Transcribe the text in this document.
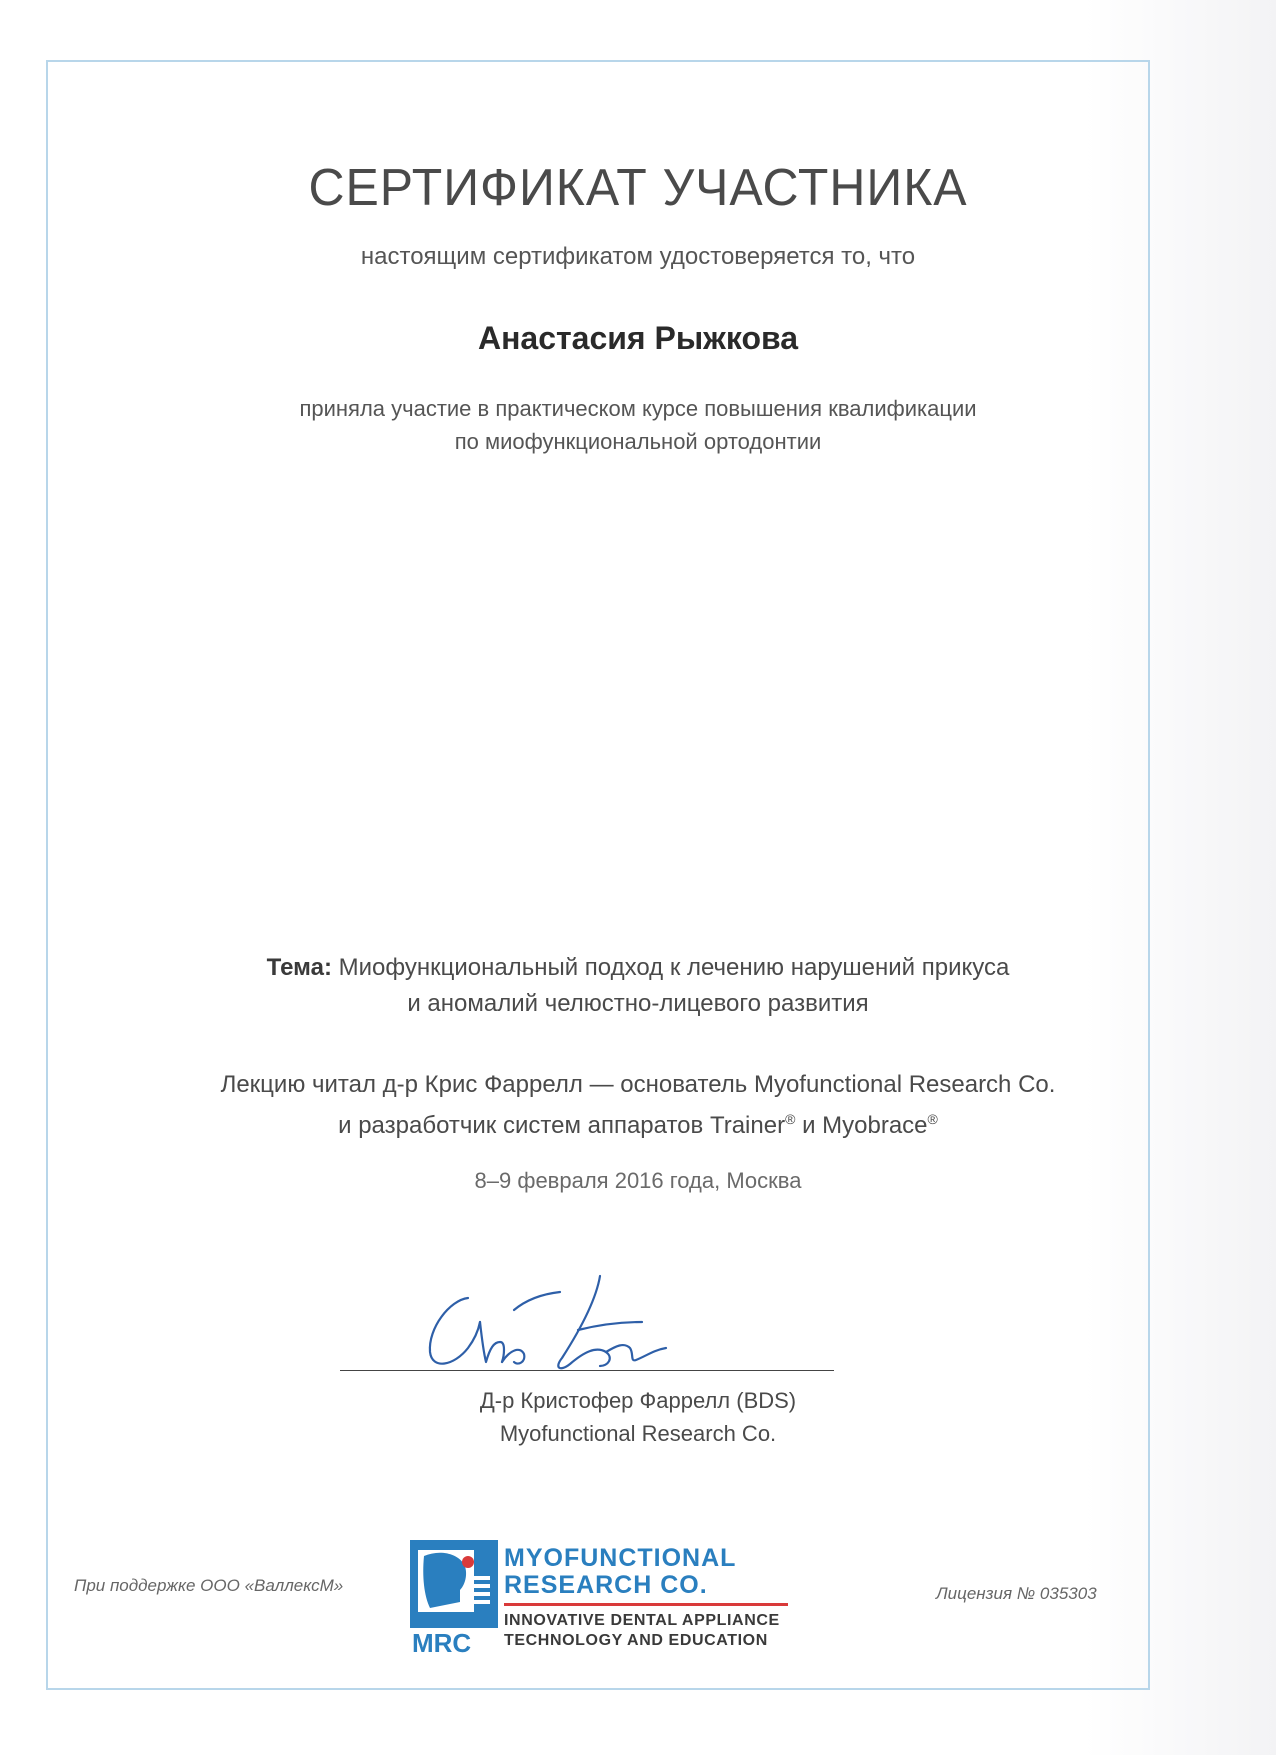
СЕРТИФИКАТ УЧАСТНИКА
настоящим сертификатом удостоверяется то, что
Анастасия Рыжкова
приняла участие в практическом курсе повышения квалификации
по миофункциональной ортодонтии
Тема: Миофункциональный подход к лечению нарушений прикуса
и аномалий челюстно-лицевого развития
Лекцию читал д-р Крис Фаррелл — основатель Myofunctional Research Co.
и разработчик систем аппаратов Trainer® и Myobrace®
8–9 февраля 2016 года, Москва
Д-р Кристофер Фаррелл (BDS)
Myofunctional Research Co.
При поддержке ООО «ВаллексМ»	Лицензия № 035303
MRC
MYOFUNCTIONAL
RESEARCH CO.
INNOVATIVE DENTAL APPLIANCE
TECHNOLOGY AND EDUCATION
